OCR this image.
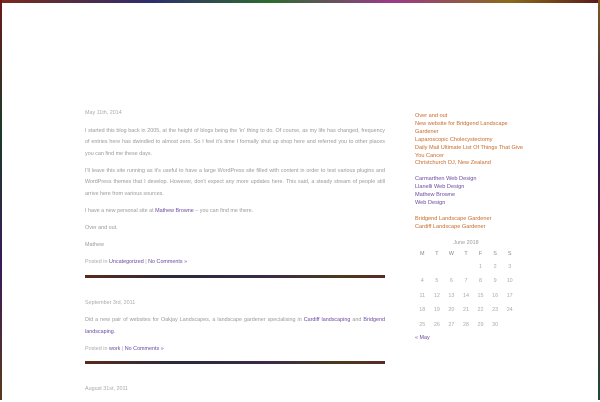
May 11th, 2014

I started this blog back in 2005, at the height of blogs being the 'in' thing to do. Of course, as my life has changed, frequency of entries here has dwindled to almost zero. So I feel it's time I formally shut up shop here and referred you to other places you can find me these days.

I'll leave this site running as it's useful to have a large WordPress site filled with content in order to test various plugins and WordPress themes that I develop. However, don't expect any more updates here. This said, a steady stream of people still arrive here from various sources.

I have a new personal site at Mathew Browne – you can find me there.

Over and out.

Mathew

Posted in Uncategorized | No Comments »

September 3rd, 2011

Did a new pair of websites for Oakjay Landscapes, a landscape gardener specialising in Cardiff landscaping and Bridgend landscaping.

Posted in work | No Comments »

August 31st, 2011
Over and out
New website for Bridgend Landscape Gardener
Laparoscopic Cholecystectomy
Daily Mail Ultimate List Of Things That Give You Cancer
Christchurch DJ, New Zealand
Carmarthen Web Design
Llanelli Web Design
Mathew Browne
Web Design
Bridgend Landscape Gardener
Cardiff Landscape Gardener
June 2018
M	T	W	T	F	S	S
				1	2	3
4	5	6	7	8	9	10
11	12	13	14	15	16	17
18	19	20	21	22	23	24
25	26	27	28	29	30	
« May
